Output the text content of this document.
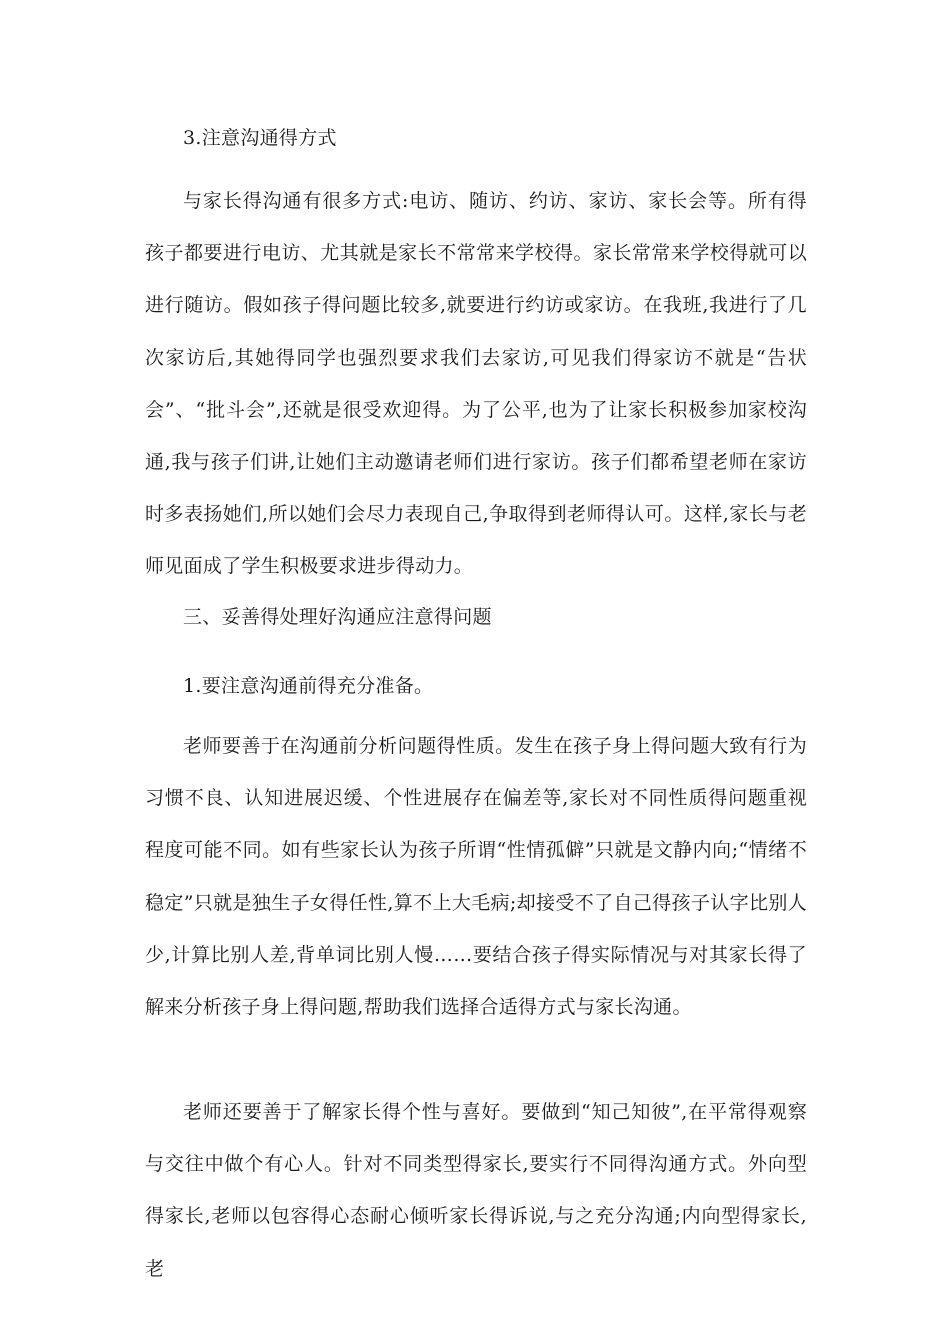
3.注意沟通得方式
与家长得沟通有很多方式:电访、随访、约访、家访、家长会等。所有得孩子都要进行电访、尤其就是家长不常常来学校得。家长常常来学校得就可以进行随访。假如孩子得问题比较多,就要进行约访或家访。在我班,我进行了几次家访后,其她得同学也强烈要求我们去家访,可见我们得家访不就是“告状会”、“批斗会”,还就是很受欢迎得。为了公平,也为了让家长积极参加家校沟通,我与孩子们讲,让她们主动邀请老师们进行家访。孩子们都希望老师在家访时多表扬她们,所以她们会尽力表现自己,争取得到老师得认可。这样,家长与老师见面成了学生积极要求进步得动力。
三、妥善得处理好沟通应注意得问题
1.要注意沟通前得充分准备。
老师要善于在沟通前分析问题得性质。发生在孩子身上得问题大致有行为习惯不良、认知进展迟缓、个性进展存在偏差等,家长对不同性质得问题重视程度可能不同。如有些家长认为孩子所谓“性情孤僻”只就是文静内向;“情绪不稳定”只就是独生子女得任性,算不上大毛病;却接受不了自己得孩子认字比别人少,计算比别人差,背单词比别人慢……要结合孩子得实际情况与对其家长得了解来分析孩子身上得问题,帮助我们选择合适得方式与家长沟通。
老师还要善于了解家长得个性与喜好。要做到“知己知彼”,在平常得观察与交往中做个有心人。针对不同类型得家长,要实行不同得沟通方式。外向型得家长,老师以包容得心态耐心倾听家长得诉说,与之充分沟通;内向型得家长,老
